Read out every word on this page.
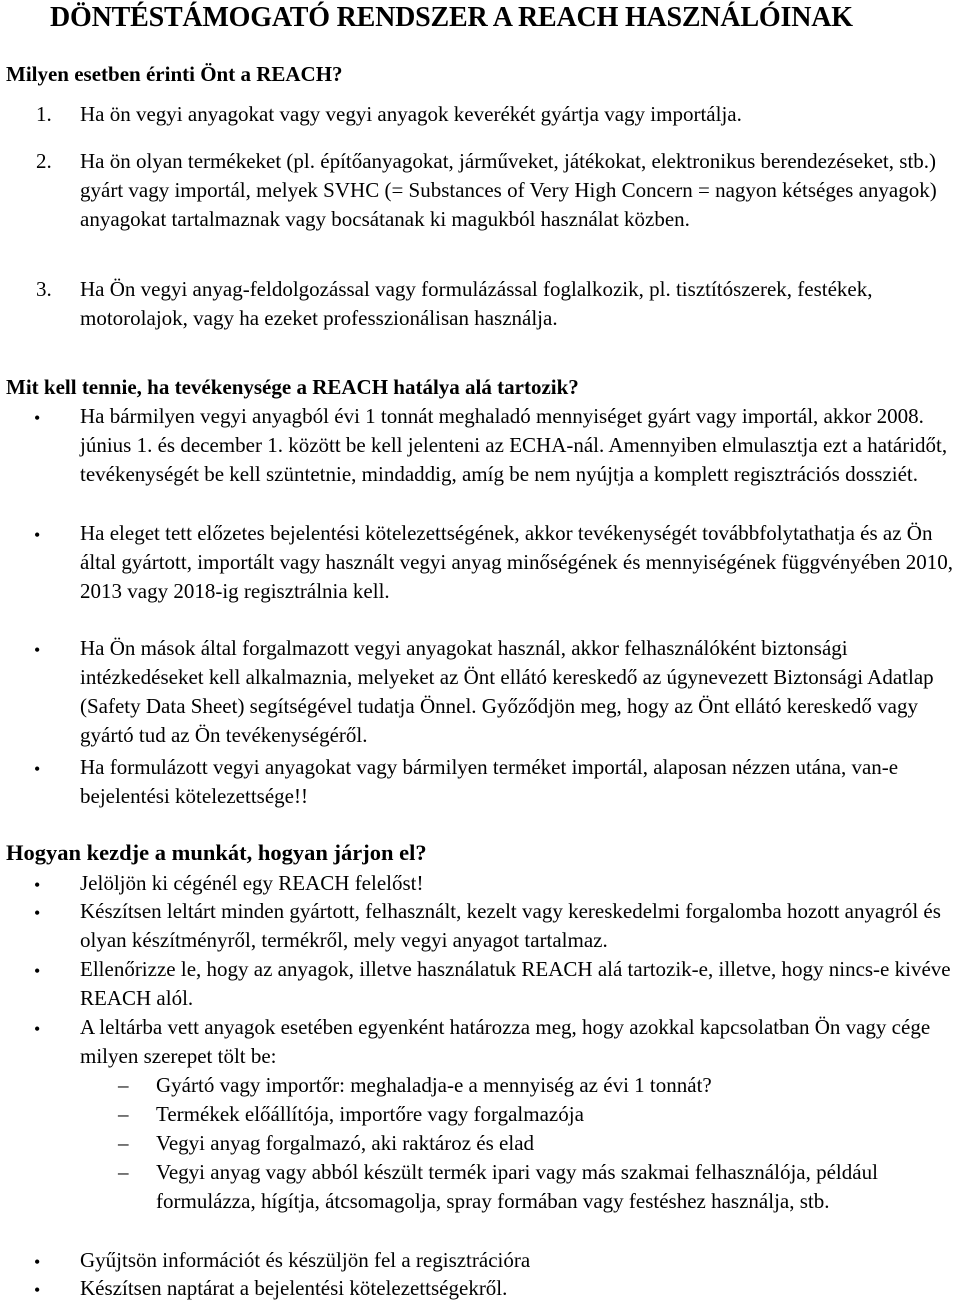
DÖNTÉSTÁMOGATÓ RENDSZER A REACH HASZNÁLÓINAK
Milyen esetben érinti Önt a REACH?
1. Ha ön vegyi anyagokat vagy vegyi anyagok keverékét gyártja vagy importálja.
2. Ha ön olyan termékeket (pl. építőanyagokat, járműveket, játékokat, elektronikus berendezéseket, stb.) gyárt vagy importál, melyek SVHC (= Substances of Very High Concern = nagyon kétséges anyagok) anyagokat tartalmaznak vagy bocsátanak ki magukból használat közben.
3. Ha Ön vegyi anyag-feldolgozással vagy formulázással foglalkozik, pl. tisztítószerek, festékek, motorolajok, vagy ha ezeket professzionálisan használja.
Mit kell tennie, ha tevékenysége a REACH hatálya alá tartozik?
• Ha bármilyen vegyi anyagból évi 1 tonnát meghaladó mennyiséget gyárt vagy importál, akkor 2008. június 1. és december 1. között be kell jelenteni az ECHA-nál. Amennyiben elmulasztja ezt a határidőt, tevékenységét be kell szüntetnie, mindaddig, amíg be nem nyújtja a komplett regisztrációs dossziét.
• Ha eleget tett előzetes bejelentési kötelezettségének, akkor tevékenységét továbbfolytathatja és az Ön által gyártott, importált vagy használt vegyi anyag minőségének és mennyiségének függvényében 2010, 2013 vagy 2018-ig regisztrálnia kell.
• Ha Ön mások által forgalmazott vegyi anyagokat használ, akkor felhasználóként biztonsági intézkedéseket kell alkalmaznia, melyeket az Önt ellátó kereskedő az úgynevezett Biztonsági Adatlap (Safety Data Sheet) segítségével tudatja Önnel. Győződjön meg, hogy az Önt ellátó kereskedő vagy gyártó tud az Ön tevékenységéről.
• Ha formulázott vegyi anyagokat vagy bármilyen terméket importál, alaposan nézzen utána, van-e bejelentési kötelezettsége!!
Hogyan kezdje a munkát, hogyan járjon el?
• Jelöljön ki cégénél egy REACH felelőst!
• Készítsen leltárt minden gyártott, felhasznált, kezelt vagy kereskedelmi forgalomba hozott anyagról és olyan készítményről, termékről, mely vegyi anyagot tartalmaz.
• Ellenőrizze le, hogy az anyagok, illetve használatuk REACH alá tartozik-e, illetve, hogy nincs-e kivéve REACH alól.
• A leltárba vett anyagok esetében egyenként határozza meg, hogy azokkal kapcsolatban Ön vagy cége milyen szerepet tölt be:
– Gyártó vagy importőr: meghaladja-e a mennyiség az évi 1 tonnát?
– Termékek előállítója, importőre vagy forgalmazója
– Vegyi anyag forgalmazó, aki raktároz és elad
– Vegyi anyag vagy abból készült termék ipari vagy más szakmai felhasználója, például formulázza, hígítja, átcsomagolja, spray formában vagy festéshez használja, stb.
• Gyűjtsön információt és készüljön fel a regisztrációra
• Készítsen naptárat a bejelentési kötelezettségekről.
